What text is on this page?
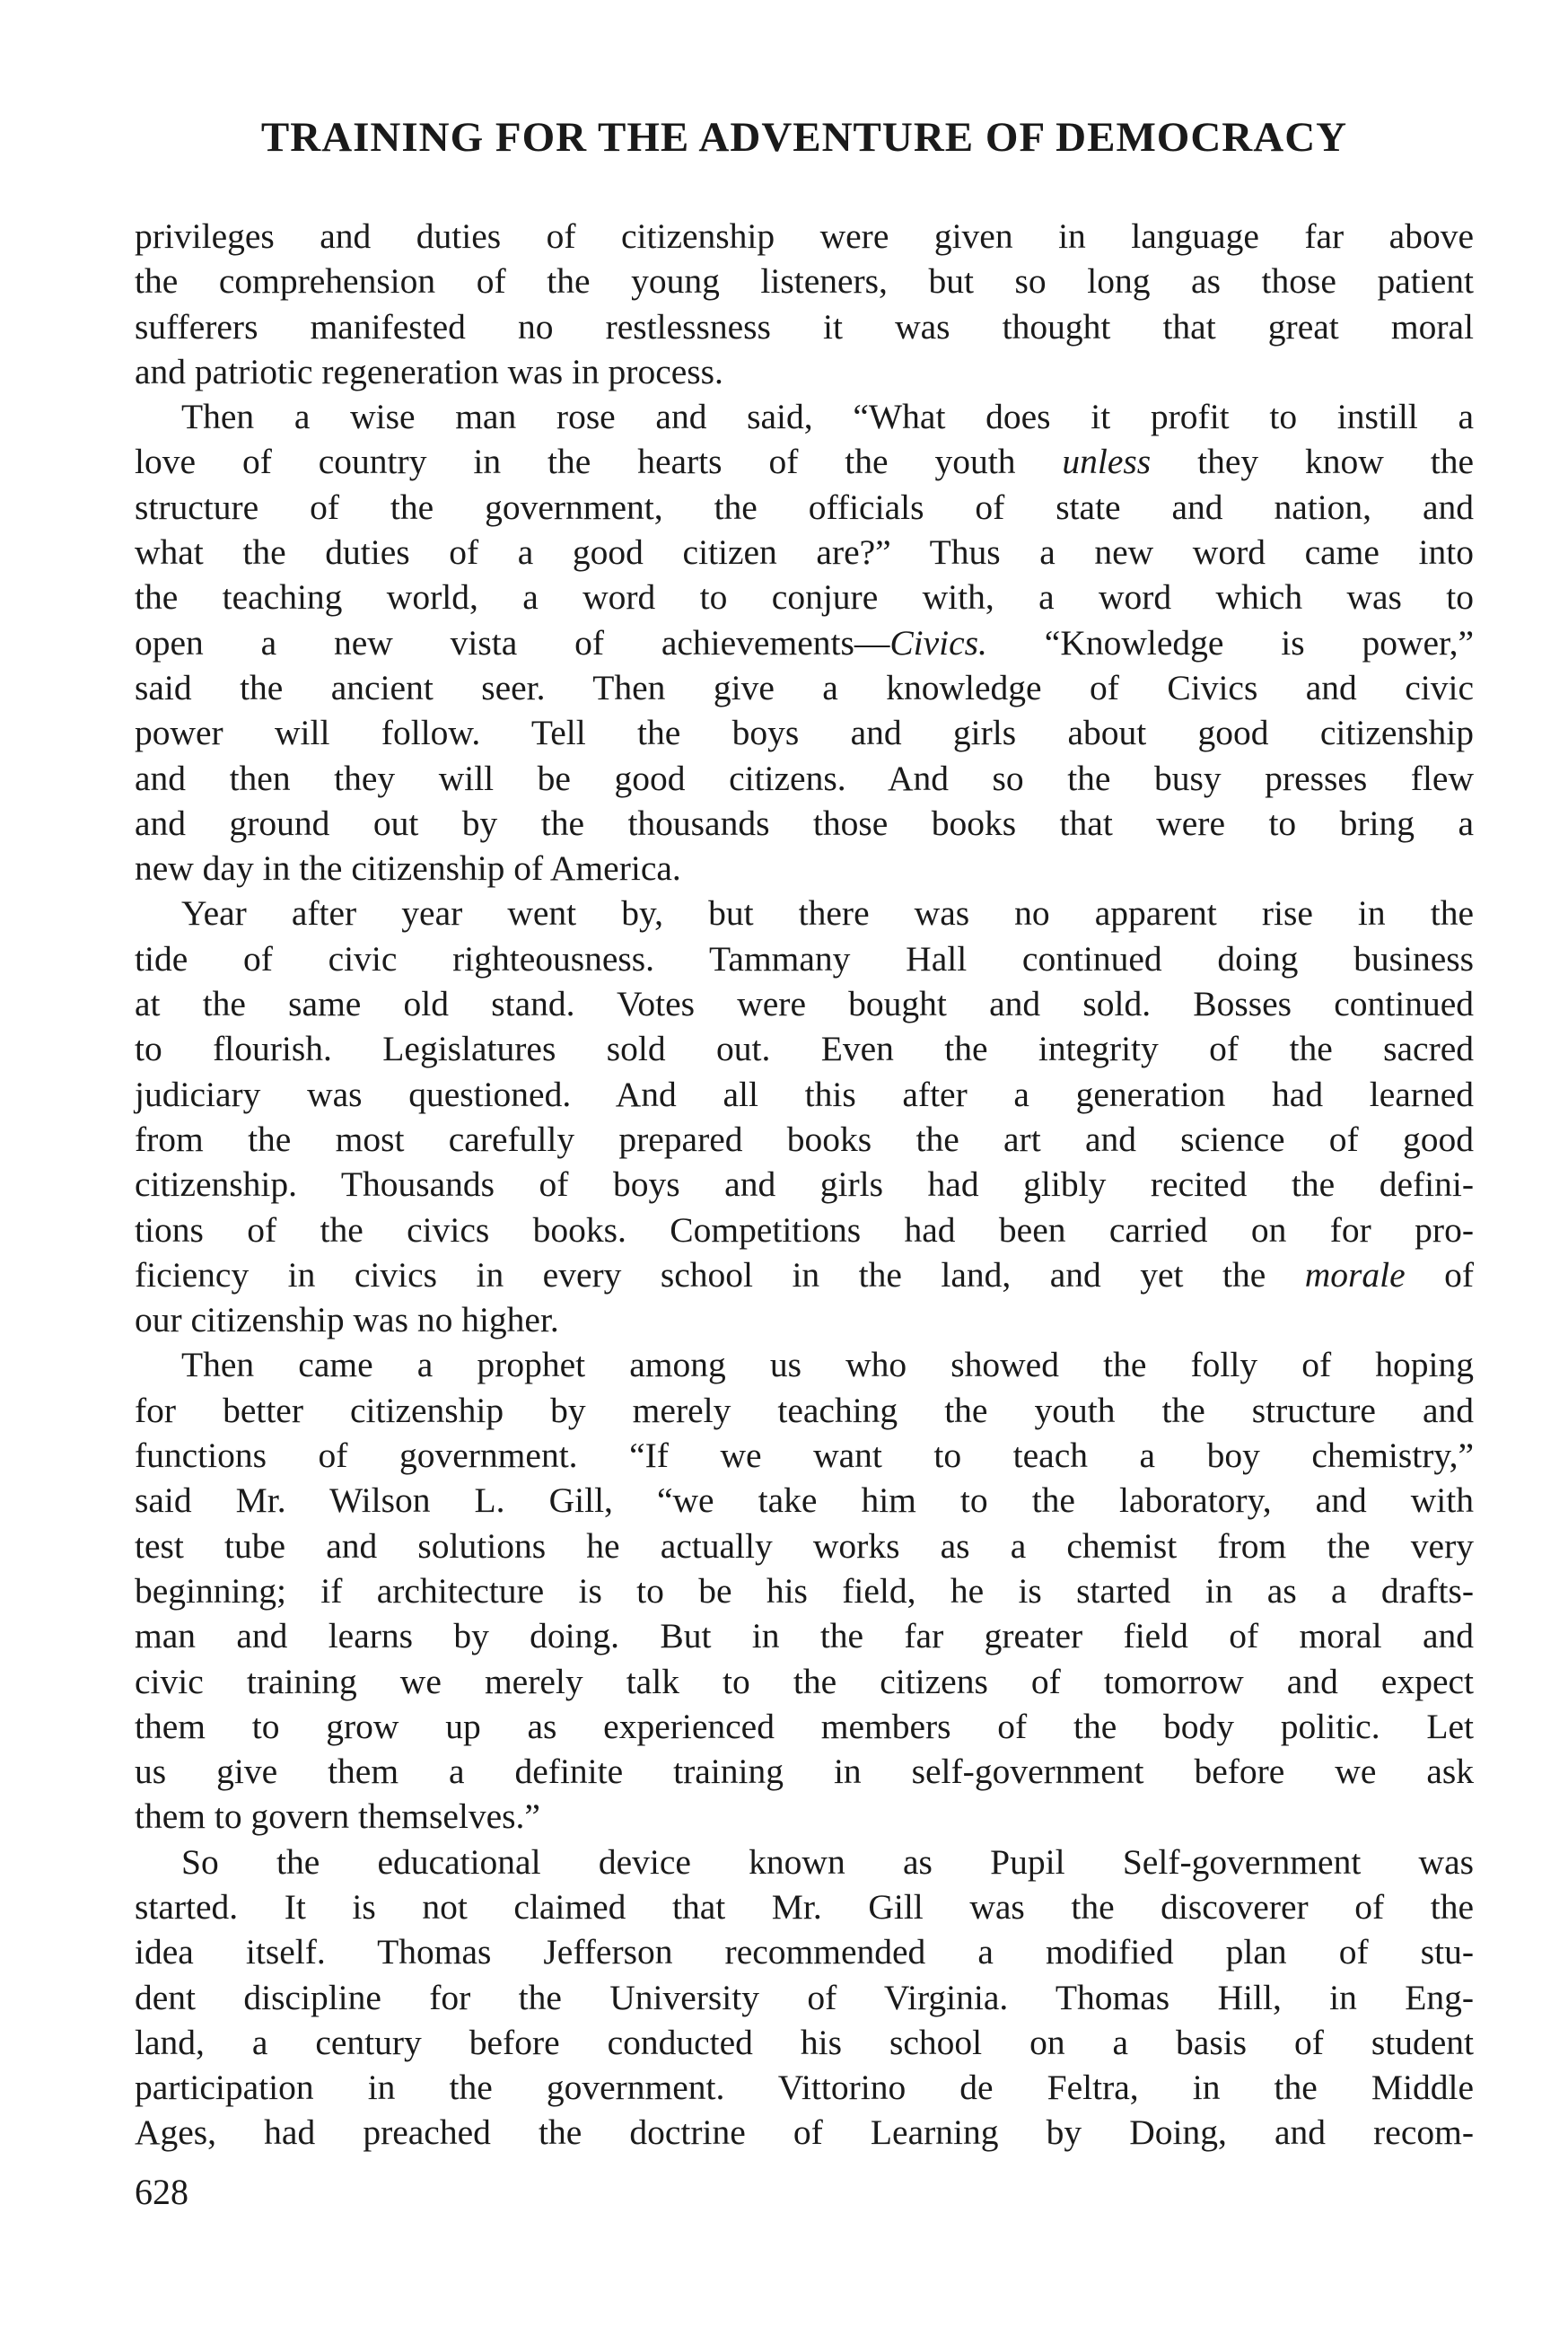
TRAINING FOR THE ADVENTURE OF DEMOCRACY

privileges and duties of citizenship were given in language far above
the comprehension of the young listeners, but so long as those patient
sufferers manifested no restlessness it was thought that great moral
and patriotic regeneration was in process.

Then a wise man rose and said, “What does it profit to instill a
love of country in the hearts of the youth unless they know the
structure of the government, the officials of state and nation, and
what the duties of a good citizen are?” Thus a new word came into
the teaching world, a word to conjure with, a word which was to
open a new vista of achievements—Civics. “Knowledge is power,”
said the ancient seer. Then give a knowledge of Civics and civic
power will follow. Tell the boys and girls about good citizenship
and then they will be good citizens. And so the busy presses flew
and ground out by the thousands those books that were to bring a
new day in the citizenship of America.

Year after year went by, but there was no apparent rise in the
tide of civic righteousness. Tammany Hall continued doing business
at the same old stand. Votes were bought and sold. Bosses continued
to flourish. Legislatures sold out. Even the integrity of the sacred
judiciary was questioned. And all this after a generation had learned
from the most carefully prepared books the art and science of good
citizenship. Thousands of boys and girls had glibly recited the defini-
tions of the civics books. Competitions had been carried on for pro-
ficiency in civics in every school in the land, and yet the morale of
our citizenship was no higher.

Then came a prophet among us who showed the folly of hoping
for better citizenship by merely teaching the youth the structure and
functions of government. “If we want to teach a boy chemistry,”
said Mr. Wilson L. Gill, “we take him to the laboratory, and with
test tube and solutions he actually works as a chemist from the very
beginning; if architecture is to be his field, he is started in as a drafts-
man and learns by doing. But in the far greater field of moral and
civic training we merely talk to the citizens of tomorrow and expect
them to grow up as experienced members of the body politic. Let
us give them a definite training in self-government before we ask
them to govern themselves.”

So the educational device known as Pupil Self-government was
started. It is not claimed that Mr. Gill was the discoverer of the
idea itself. Thomas Jefferson recommended a modified plan of stu-
dent discipline for the University of Virginia. Thomas Hill, in Eng-
land, a century before conducted his school on a basis of student
participation in the government. Vittorino de Feltra, in the Middle
Ages, had preached the doctrine of Learning by Doing, and recom-

628
